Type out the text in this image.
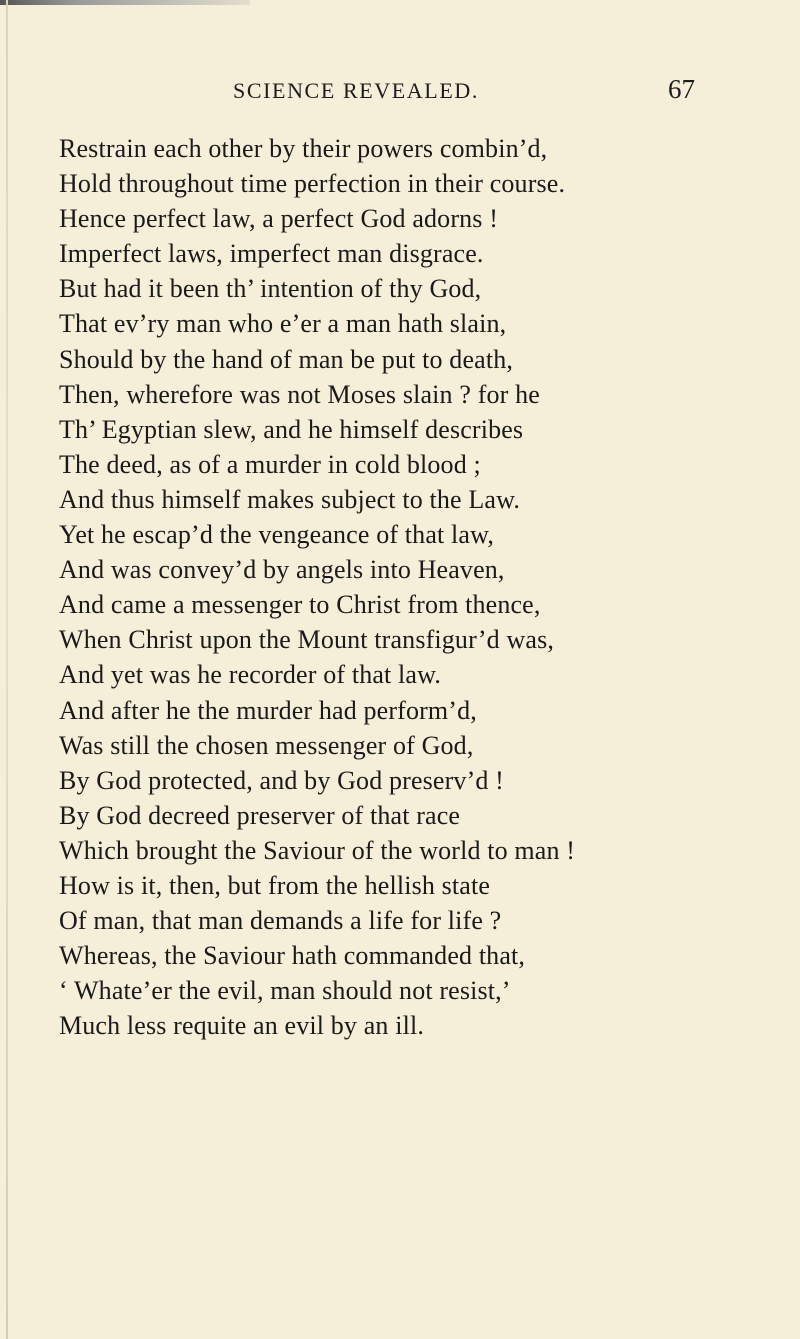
SCIENCE REVEALED.	67
Restrain each other by their powers combin’d,
Hold throughout time perfection in their course.
Hence perfect law, a perfect God adorns !
Imperfect laws, imperfect man disgrace.
But had it been th’ intention of thy God,
That ev’ry man who e’er a man hath slain,
Should by the hand of man be put to death,
Then, wherefore was not Moses slain ? for he
Th’ Egyptian slew, and he himself describes
The deed, as of a murder in cold blood ;
And thus himself makes subject to the Law.
Yet he escap’d the vengeance of that law,
And was convey’d by angels into Heaven,
And came a messenger to Christ from thence,
When Christ upon the Mount transfigur’d was,
And yet was he recorder of that law.
And after he the murder had perform’d,
Was still the chosen messenger of God,
By God protected, and by God preserv’d !
By God decreed preserver of that race
Which brought the Saviour of the world to man !
How is it, then, but from the hellish state
Of man, that man demands a life for life ?
Whereas, the Saviour hath commanded that,
‘ Whate’er the evil, man should not resist,’
Much less requite an evil by an ill.
